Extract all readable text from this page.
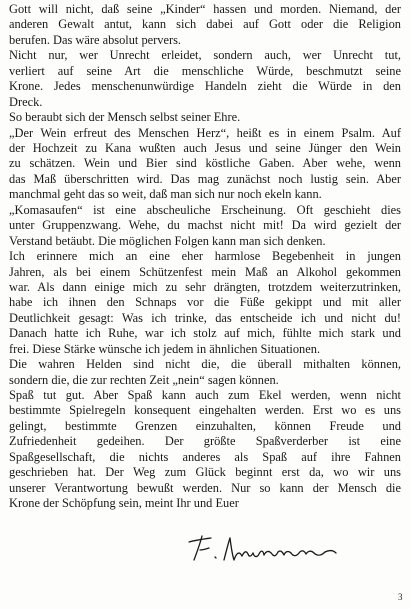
Gott will nicht, daß seine „Kinder“ hassen und morden. Niemand, der
anderen Gewalt antut, kann sich dabei auf Gott oder die Religion
berufen. Das wäre absolut pervers.
Nicht nur, wer Unrecht erleidet, sondern auch, wer Unrecht tut,
verliert auf seine Art die menschliche Würde, beschmutzt seine
Krone. Jedes menschenunwürdige Handeln zieht die Würde in den
Dreck.
So beraubt sich der Mensch selbst seiner Ehre.
„Der Wein erfreut des Menschen Herz“, heißt es in einem Psalm. Auf
der Hochzeit zu Kana wußten auch Jesus und seine Jünger den Wein
zu schätzen. Wein und Bier sind köstliche Gaben. Aber wehe, wenn
das Maß überschritten wird. Das mag zunächst noch lustig sein. Aber
manchmal geht das so weit, daß man sich nur noch ekeln kann.
„Komasaufen“ ist eine abscheuliche Erscheinung. Oft geschieht dies
unter Gruppenzwang. Wehe, du machst nicht mit! Da wird gezielt der
Verstand betäubt. Die möglichen Folgen kann man sich denken.
Ich erinnere mich an eine eher harmlose Begebenheit in jungen
Jahren, als bei einem Schützenfest mein Maß an Alkohol gekommen
war. Als dann einige mich zu sehr drängten, trotzdem weiterzutrinken,
habe ich ihnen den Schnaps vor die Füße gekippt und mit aller
Deutlichkeit gesagt: Was ich trinke, das entscheide ich und nicht du!
Danach hatte ich Ruhe, war ich stolz auf mich, fühlte mich stark und
frei. Diese Stärke wünsche ich jedem in ähnlichen Situationen.
Die wahren Helden sind nicht die, die überall mithalten können,
sondern die, die zur rechten Zeit „nein“ sagen können.
Spaß tut gut. Aber Spaß kann auch zum Ekel werden, wenn nicht
bestimmte Spielregeln konsequent eingehalten werden. Erst wo es uns
gelingt, bestimmte Grenzen einzuhalten, können Freude und
Zufriedenheit gedeihen. Der größte Spaßverderber ist eine
Spaßgesellschaft, die nichts anderes als Spaß auf ihre Fahnen
geschrieben hat. Der Weg zum Glück beginnt erst da, wo wir uns
unserer Verantwortung bewußt werden. Nur so kann der Mensch die
Krone der Schöpfung sein, meint Ihr und Euer
3
